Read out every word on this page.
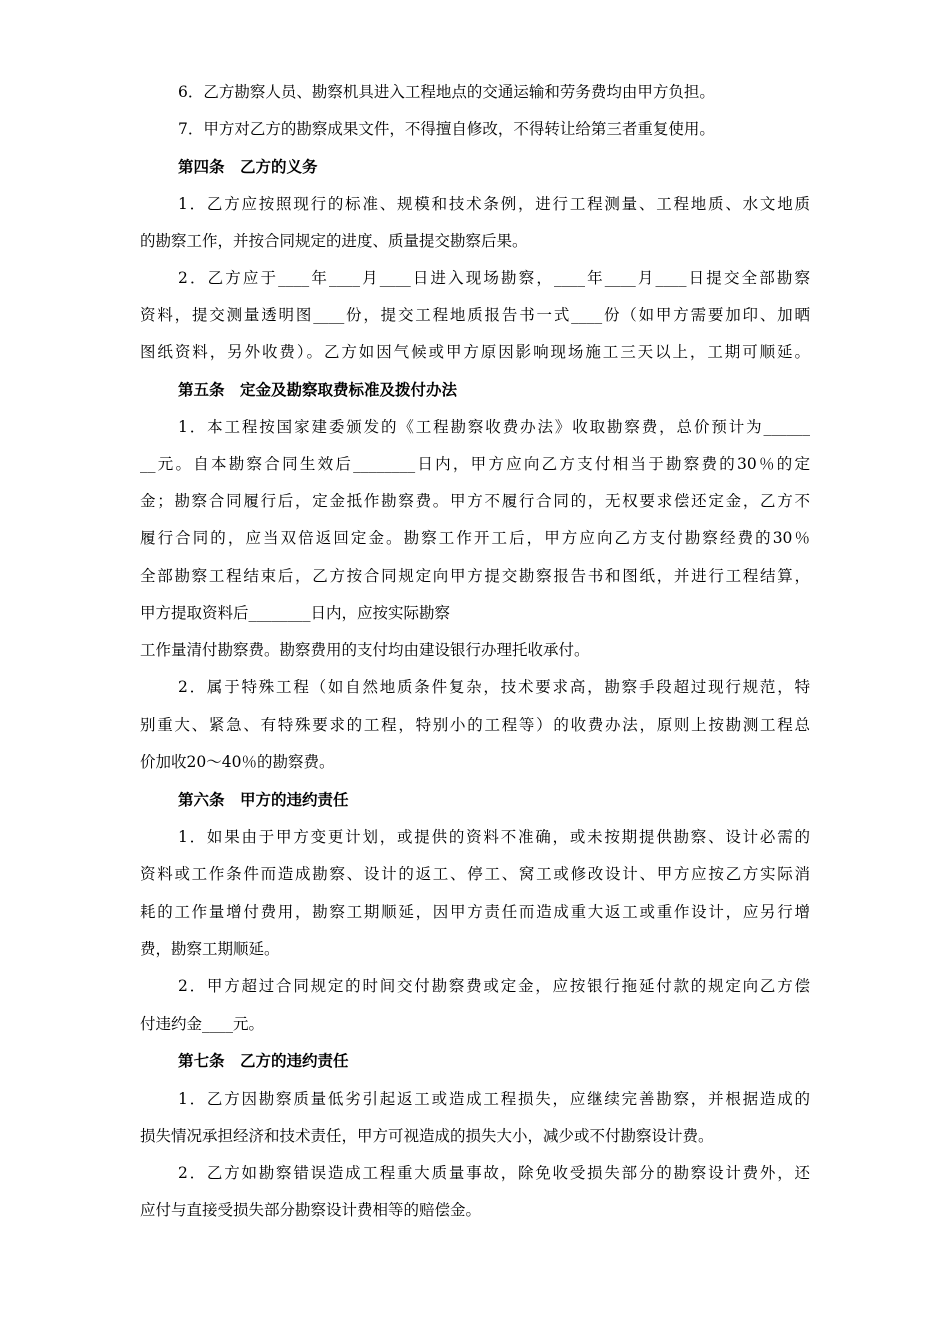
6．乙方勘察人员、勘察机具进入工程地点的交通运输和劳务费均由甲方负担。
7．甲方对乙方的勘察成果文件，不得擅自修改，不得转让给第三者重复使用。
第四条　乙方的义务
1．乙方应按照现行的标准、规模和技术条例，进行工程测量、工程地质、水文地质
的勘察工作，并按合同规定的进度、质量提交勘察后果。
2．乙方应于____年____月____日进入现场勘察，____年____月____日提交全部勘察
资料，提交测量透明图____份，提交工程地质报告书一式____份（如甲方需要加印、加晒
图纸资料，另外收费）。乙方如因气候或甲方原因影响现场施工三天以上，工期可顺延。
第五条　定金及勘察取费标准及拨付办法
1．本工程按国家建委颁发的《工程勘察收费办法》收取勘察费，总价预计为______
__元。自本勘察合同生效后________日内，甲方应向乙方支付相当于勘察费的30％的定
金；勘察合同履行后，定金抵作勘察费。甲方不履行合同的，无权要求偿还定金，乙方不
履行合同的，应当双倍返回定金。勘察工作开工后，甲方应向乙方支付勘察经费的30％
全部勘察工程结束后，乙方按合同规定向甲方提交勘察报告书和图纸，并进行工程结算，
甲方提取资料后________日内，应按实际勘察
工作量清付勘察费。勘察费用的支付均由建设银行办理托收承付。
2．属于特殊工程（如自然地质条件复杂，技术要求高，勘察手段超过现行规范，特
别重大、紧急、有特殊要求的工程，特别小的工程等）的收费办法，原则上按勘测工程总
价加收20～40％的勘察费。
第六条　甲方的违约责任
1．如果由于甲方变更计划，或提供的资料不准确，或未按期提供勘察、设计必需的
资料或工作条件而造成勘察、设计的返工、停工、窝工或修改设计、甲方应按乙方实际消
耗的工作量增付费用，勘察工期顺延，因甲方责任而造成重大返工或重作设计，应另行增
费，勘察工期顺延。
2．甲方超过合同规定的时间交付勘察费或定金，应按银行拖延付款的规定向乙方偿
付违约金____元。
第七条　乙方的违约责任
1．乙方因勘察质量低劣引起返工或造成工程损失，应继续完善勘察，并根据造成的
损失情况承担经济和技术责任，甲方可视造成的损失大小，减少或不付勘察设计费。
2．乙方如勘察错误造成工程重大质量事故，除免收受损失部分的勘察设计费外，还
应付与直接受损失部分勘察设计费相等的赔偿金。
